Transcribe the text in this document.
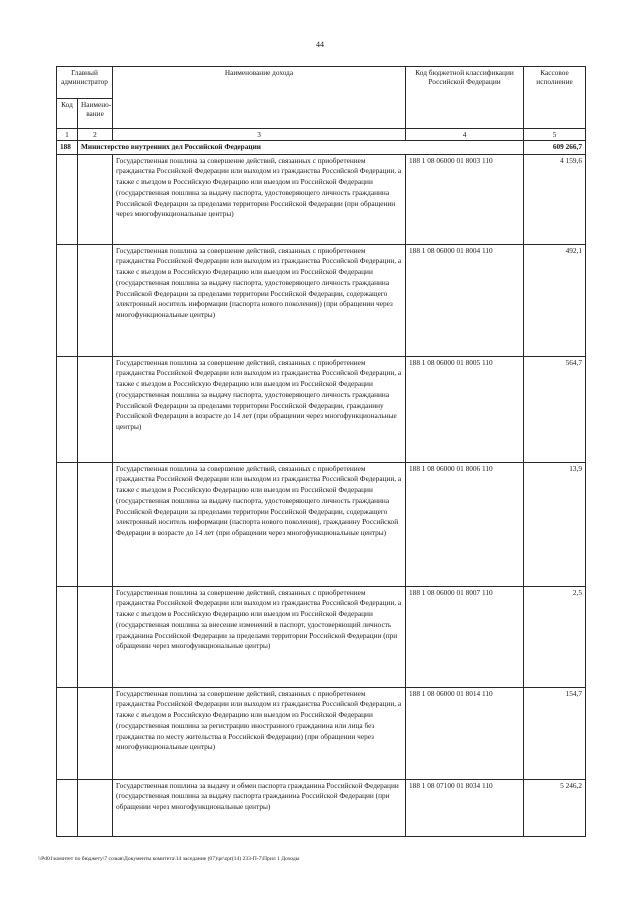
44
Главный администратор		Наименование дохода	Код бюджетной классификации Российской Федерации	Кассовое исполнение
Код	Наимено-вание			
1	2	3	4	5
188	Министерство внутренних дел Российской Федерации			609 266,7
		Государственная пошлина за совершение действий, связанных с приобретением гражданства Российской Федерации или выходом из гражданства Российской Федерации, а также с въездом в Российскую Федерацию или выездом из Российской Федерации (государственная пошлина за выдачу паспорта, удостоверяющего личность гражданина Российской Федерации за пределами территории Российской Федерации (при обращении через многофункциональные центры)	188 1 08 06000 01 8003 110	4 159,6
		Государственная пошлина за совершение действий, связанных с приобретением гражданства Российской Федерации или выходом из гражданства Российской Федерации, а также с въездом в Российскую Федерацию или выездом из Российской Федерации (государственная пошлина за выдачу паспорта, удостоверяющего личность гражданина Российской Федерации за пределами территории Российской Федерации, содержащего электронный носитель информации (паспорта нового поколения)) (при обращении через многофункциональные центры)	188 1 08 06000 01 8004 110	492,1
		Государственная пошлина за совершение действий, связанных с приобретением гражданства Российской Федерации или выходом из гражданства Российской Федерации, а также с въездом в Российскую Федерацию или выездом из Российской Федерации (государственная пошлина за выдачу паспорта, удостоверяющего личность гражданина Российской Федерации за пределами территории Российской Федерации, гражданину Российской Федерации в возрасте до 14 лет (при обращении через многофункциональные центры)	188 1 08 06000 01 8005 110	564,7
		Государственная пошлина за совершение действий, связанных с приобретением гражданства Российской Федерации или выходом из гражданства Российской Федерации, а также с въездом в Российскую Федерацию или выездом из Российской Федерации (государственная пошлина за выдачу паспорта, удостоверяющего личность гражданина Российской Федерации за пределами территории Российской Федерации, содержащего электронный носитель информации (паспорта нового поколения), гражданину Российской Федерации в возрасте до 14 лет (при обращении через многофункциональные центры)	188 1 08 06000 01 8006 110	13,9
		Государственная пошлина за совершение действий, связанных с приобретением гражданства Российской Федерации или выходом из гражданства Российской Федерации, а также с въездом в Российскую Федерацию или выездом из Российской Федерации (государственная пошлина за внесение изменений в паспорт, удостоверяющий личность гражданина Российской Федерации за пределами территории Российской Федерации (при обращении через многофункциональные центры)	188 1 08 06000 01 8007 110	2,5
		Государственная пошлина за совершение действий, связанных с приобретением гражданства Российской Федерации или выходом из гражданства Российской Федерации, а также с въездом в Российскую Федерацию или выездом из Российской Федерации (государственная пошлина за регистрацию иностранного гражданина или лица без гражданства по месту жительства в Российской Федерации) (при обращении через многофункциональные центры)	188 1 08 06000 01 8014 110	154,7
		Государственная пошлина за выдачу и обмен паспорта гражданина Российской Федерации (государственная пошлина за выдачу паспорта гражданина Российской Федерации (при обращении через многофункциональные центры)	188 1 08 07100 01 8034 110	5 246,2
\\Pd01\комитет по бюджету\7 созыв\Документы комитета\14 заседание (07)\pr\zpr(14) 233-П-7\Прил 1 Доходы
